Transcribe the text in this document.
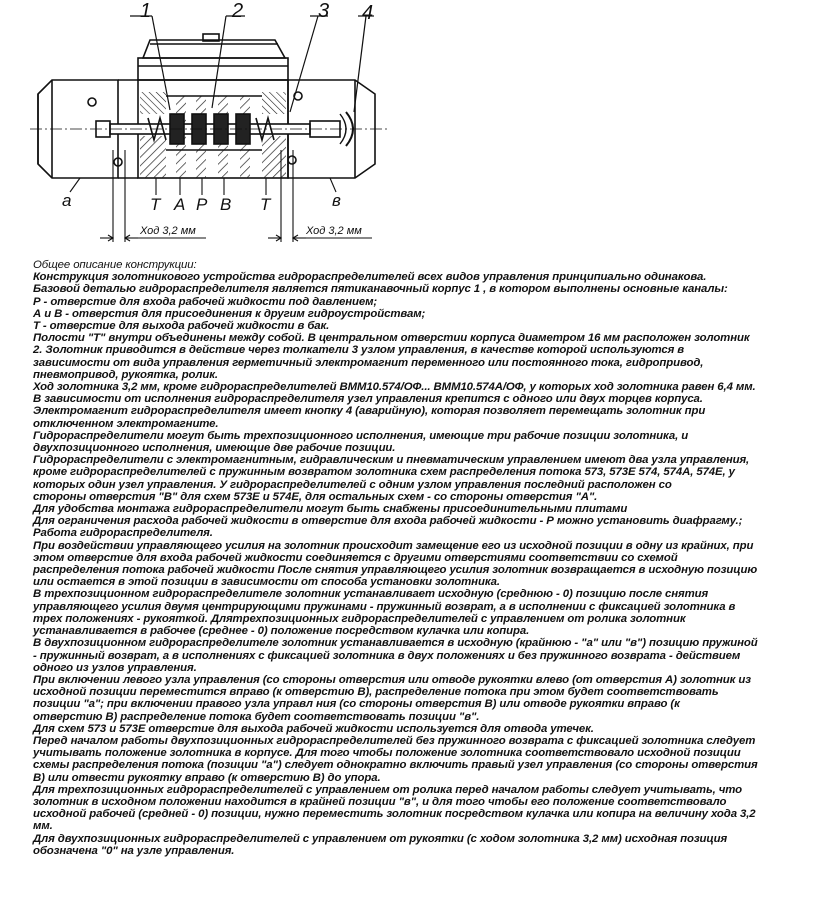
1	2	3 4
T A P B T
а	в
Ход 3,2 мм	Ход 3,2 мм

Общее описание конструкции:

Конструкция золотникового устройства гидрораспределителей всех видов управления принципиально одинакова.

Базовой деталью гидрораспределителя является пятиканавочный корпус 1 , в котором выполнены основные каналы:

Р - отверстие для входа рабочей жидкости под давлением;

А и В - отверстия для присоединения к другим гидроустройствам;

Т - отверстие для выхода рабочей жидкости в бак.

Полости "Т" внутри объединены между собой. В центральном отверстии корпуса диаметром 16 мм расположен золотник

2. Золотник приводится в действие через толкатели 3 узлом управления, в качестве которой используются в

зависимости от вида управления герметичный электромагнит переменного или постоянного тока, гидропривод,

пневмопривод, рукоятка, ролик.

Ход золотника 3,2 мм, кроме гидрораспределителей ВММ10.574/ОФ... ВММ10.574А/ОФ, у которых ход золотника равен 6,4 мм.

В зависимости от исполнения гидрораспределителя узел управления крепится с одного или двух торцев корпуса.

Электромагнит гидрораспределителя имеет кнопку 4 (аварийную), которая позволяет перемещать золотник при

отключенном электромагните.

Гидрораспределители могут быть трехпозиционного исполнения, имеющие три рабочие позиции золотника, и

двухпозиционного исполнения, имеющие две рабочие позиции.

Гидрораспределители с электромагнитным, гидравлическим и пневматическим управлением имеют два узла управления,

кроме гидрораспределителей с пружинным возвратом золотника схем распределения потока 573, 573Е 574, 574А, 574Е, у

которых один узел управления. У гидрораспределителей с одним узлом управления последний расположен со

стороны отверстия "В" для схем 573Е и 574Е, для остальных схем - со стороны отверстия "А".

Для удобства монтажа гидрораспределители могут быть снабжены присоединительными плитами

Для ограничения расхода рабочей жидкости в отверстие для входа рабочей жидкости - Р можно установить диафрагму.;

Работа гидрораспределителя.

При воздействии управляющего усилия на золотник происходит замещение его из исходной позиции в одну из крайних, при

этом отверстие для входа рабочей жидкости соединяется с другими отверстиями соответствии со схемой

распределения потока рабочей жидкости После снятия управляющего усилия золотник возвращается в исходную позицию

или остается в этой позиции в зависимости от способа установки золотника.

В трехпозиционном гидрораспределителе золотник устанавливает исходную (среднюю - 0) позицию после снятия

управляющего усилия двумя центрирующими пружинами - пружинный возврат, а в исполнении с фиксацией золотника в

трех положениях - рукояткой. Длятрехпозиционных гидрораспределителей с управлением от ролика золотник

устанавливается в рабочее (среднее - 0) положение посредством кулачка или копира.

В двухпозиционном гидрораспределителе золотник устанавливается в исходную (крайнюю - "а" или "в") позицию пружиной

- пружинный возврат, а в исполнениях с фиксацией золотника в двух положениях и без пружинного возврата - действием

одного из узлов управления.

При включении левого узла управления (со стороны отверстия или отводе рукоятки влево (от отверстия А) золотник из

исходной позиции переместится вправо (к отверстию В), распределение потока при этом будет соответствовать

позиции "а"; при включении правого узла управл ния (со стороны отверстия В) или отводе рукоятки вправо (к

отверстию В) распределение потока будет соответствовать позиции "в".

Для схем 573 и 573Е отверстие для выхода рабочей жидкости используется для отвода утечек.

Перед началом работы двухпозиционных гидрораспределителей без пружинного возврата с фиксацией золотника следует

учитывать положение золотника в корпусе. Для того чтобы положение золотника соответствовало исходной позиции

схемы распределения потока (позиции "а") следует однократно включить правый узел управления (со стороны отверстия

В) или отвести рукоятку вправо (к отверстию В) до упора.

Для трехпозиционных гидрораспределителей с управлением от ролика перед началом работы следует учитывать, что

золотник в исходном положении находится в крайней позиции "в", и для того чтобы его положение соответствовало

исходной рабочей (средней - 0) позиции, нужно переместить золотник посредством кулачка или копира на величину хода 3,2

мм.

Для двухпозиционных гидрораспределителей с управлением от рукоятки (с ходом золотника 3,2 мм) исходная позиция

обозначена "0" на узле управления.
